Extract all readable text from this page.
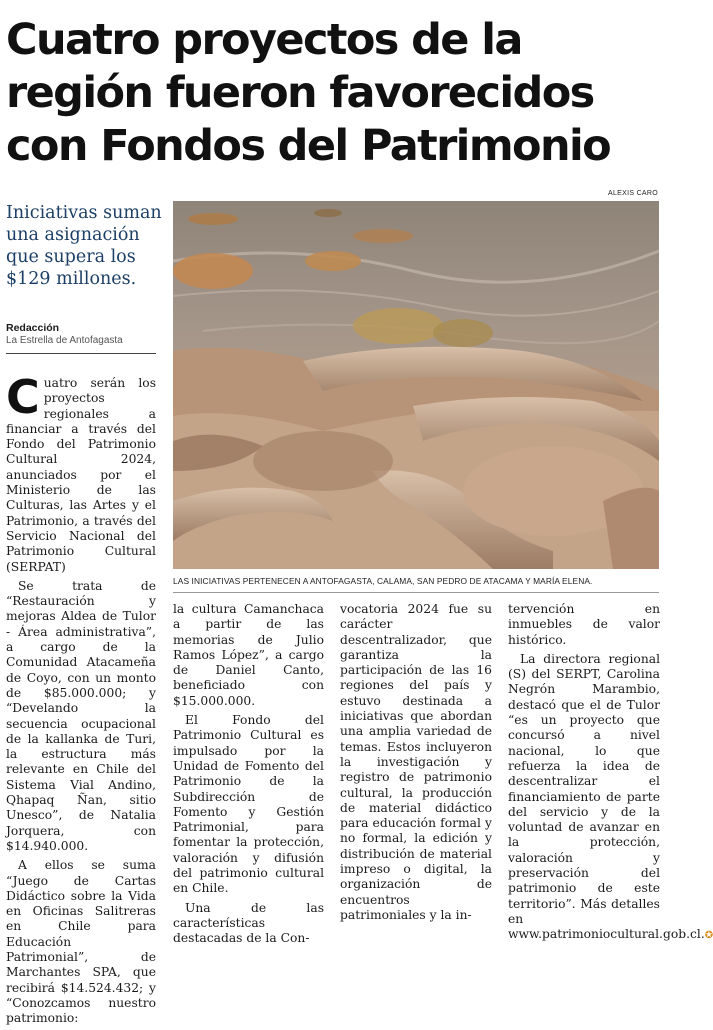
Cuatro proyectos de la
región fueron favorecidos
con Fondos del Patrimonio
ALEXIS CARO
LAS INICIATIVAS PERTENECEN A ANTOFAGASTA, CALAMA, SAN PEDRO DE ATACAMA Y MARÍA ELENA.
Iniciativas suman una asignación que supera los $129 millones.
Redacción
La Estrella de Antofagasta

Cuatro serán los proyectos regionales a financiar a través del Fondo del Patrimonio Cultural 2024, anunciados por el Ministerio de las Culturas, las Artes y el Patrimonio, a través del Servicio Nacional del Patrimonio Cultural (SERPAT)

Se trata de “Restauración y mejoras Aldea de Tulor - Área administrativa”, a cargo de la Comunidad Atacameña de Coyo, con un monto de $85.000.000; y “Develando la secuencia ocupacional de la kallanka de Turi, la estructura más relevante en Chile del Sistema Vial Andino, Qhapaq Ñan, sitio Unesco”, de Natalia Jorquera, con $14.940.000.

A ellos se suma “Juego de Cartas Didáctico sobre la Vida en Oficinas Salitreras en Chile para Educación Patrimonial”, de Marchantes SPA, que recibirá $14.524.432; y “Conozcamos nuestro patrimonio:

la cultura Camanchaca a partir de las memorias de Julio Ramos López”, a cargo de Daniel Canto, beneficiado con $15.000.000.

El Fondo del Patrimonio Cultural es impulsado por la Unidad de Fomento del Patrimonio de la Subdirección de Fomento y Gestión Patrimonial, para fomentar la protección, valoración y difusión del patrimonio cultural en Chile.

Una de las características destacadas de la Con-

vocatoria 2024 fue su carácter descentralizador, que garantiza la participación de las 16 regiones del país y estuvo destinada a iniciativas que abordan una amplia variedad de temas. Estos incluyeron la investigación y registro de patrimonio cultural, la producción de material didáctico para educación formal y no formal, la edición y distribución de material impreso o digital, la organización de encuentros patrimoniales y la in-

tervención en inmuebles de valor histórico.

La directora regional (S) del SERPT, Carolina Negrón Marambio, destacó que el de Tulor “es un proyecto que concursó a nivel nacional, lo que refuerza la idea de descentralizar el financiamiento de parte del servicio y de la voluntad de avanzar en la protección, valoración y preservación del patrimonio de este territorio”. Más detalles en www.patrimoniocultural.gob.cl.✪
